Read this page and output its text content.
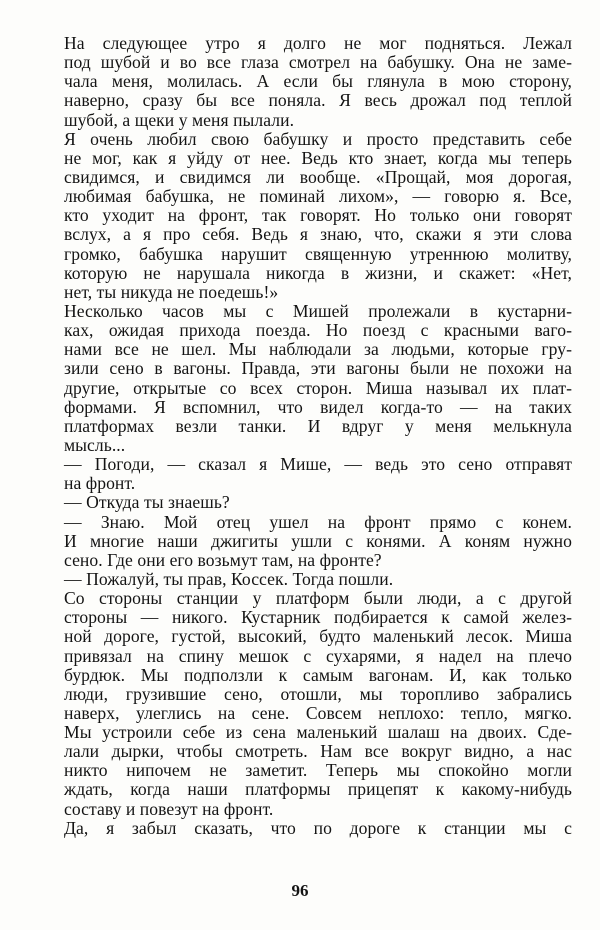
На следующее утро я долго не мог подняться. Лежал
под шубой и во все глаза смотрел на бабушку. Она не заме-
чала меня, молилась. А если бы глянула в мою сторону,
наверно, сразу бы все поняла. Я весь дрожал под теплой
шубой, а щеки у меня пылали.
Я очень любил свою бабушку и просто представить себе
не мог, как я уйду от нее. Ведь кто знает, когда мы теперь
свидимся, и свидимся ли вообще. «Прощай, моя дорогая,
любимая бабушка, не поминай лихом», — говорю я. Все,
кто уходит на фронт, так говорят. Но только они говорят
вслух, а я про себя. Ведь я знаю, что, скажи я эти слова
громко, бабушка нарушит священную утреннюю молитву,
которую не нарушала никогда в жизни, и скажет: «Нет,
нет, ты никуда не поедешь!»
Несколько часов мы с Мишей пролежали в кустарни-
ках, ожидая прихода поезда. Но поезд с красными ваго-
нами все не шел. Мы наблюдали за людьми, которые гру-
зили сено в вагоны. Правда, эти вагоны были не похожи на
другие, открытые со всех сторон. Миша называл их плат-
формами. Я вспомнил, что видел когда-то — на таких
платформах везли танки. И вдруг у меня мелькнула
мысль...
— Погоди, — сказал я Мише, — ведь это сено отправят
на фронт.
— Откуда ты знаешь?
— Знаю. Мой отец ушел на фронт прямо с конем.
И многие наши джигиты ушли с конями. А коням нужно
сено. Где они его возьмут там, на фронте?
— Пожалуй, ты прав, Коссек. Тогда пошли.
Со стороны станции у платформ были люди, а с другой
стороны — никого. Кустарник подбирается к самой желез-
ной дороге, густой, высокий, будто маленький лесок. Миша
привязал на спину мешок с сухарями, я надел на плечо
бурдюк. Мы подползли к самым вагонам. И, как только
люди, грузившие сено, отошли, мы торопливо забрались
наверх, улеглись на сене. Совсем неплохо: тепло, мягко.
Мы устроили себе из сена маленький шалаш на двоих. Сде-
лали дырки, чтобы смотреть. Нам все вокруг видно, а нас
никто нипочем не заметит. Теперь мы спокойно могли
ждать, когда наши платформы прицепят к какому-нибудь
составу и повезут на фронт.
Да, я забыл сказать, что по дороге к станции мы с
96
